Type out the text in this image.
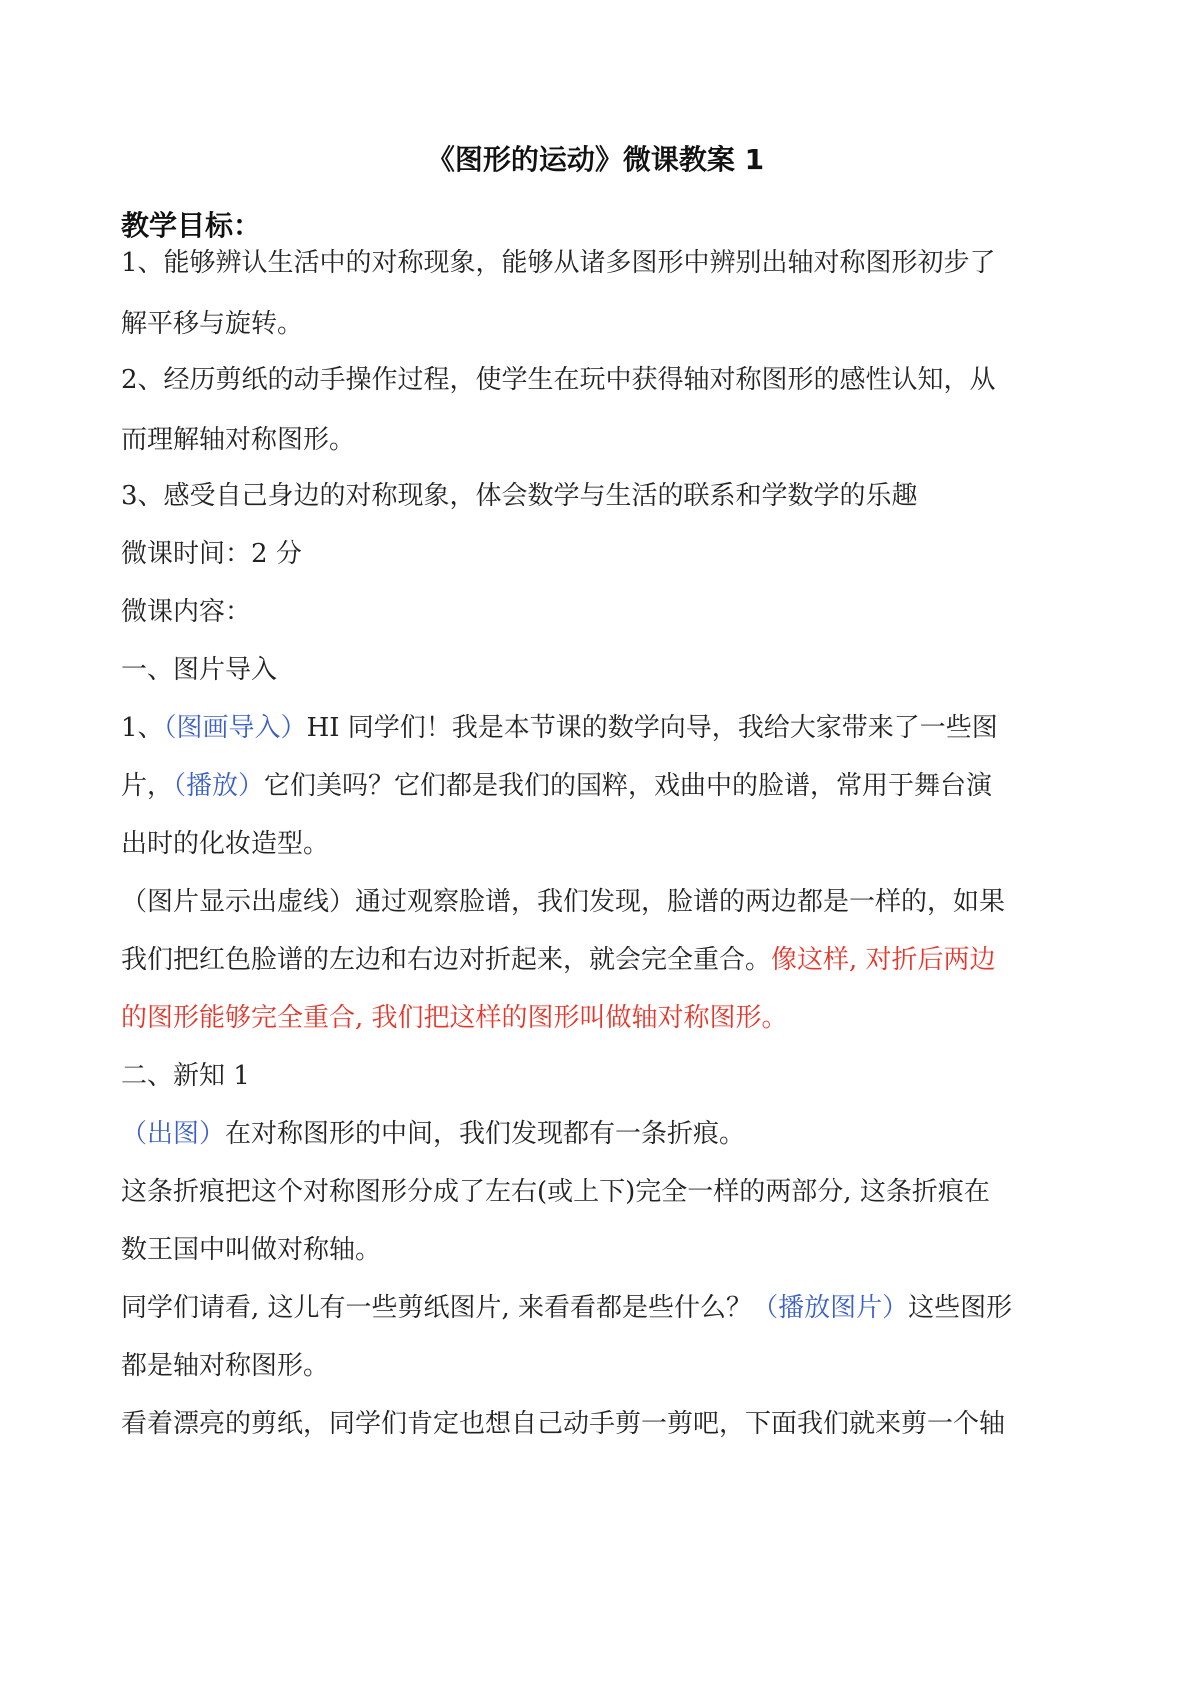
《图形的运动》微课教案 1
教学目标：
1、能够辨认生活中的对称现象，能够从诸多图形中辨别出轴对称图形初步了
解平移与旋转。
2、经历剪纸的动手操作过程，使学生在玩中获得轴对称图形的感性认知，从
而理解轴对称图形。
3、感受自己身边的对称现象，体会数学与生活的联系和学数学的乐趣
微课时间：2 分
微课内容：
一、图片导入
1、（图画导入）HI 同学们！我是本节课的数学向导，我给大家带来了一些图
片，（播放）它们美吗？它们都是我们的国粹，戏曲中的脸谱，常用于舞台演
出时的化妆造型。
（图片显示出虚线）通过观察脸谱，我们发现，脸谱的两边都是一样的，如果
我们把红色脸谱的左边和右边对折起来，就会完全重合。像这样, 对折后两边
的图形能够完全重合, 我们把这样的图形叫做轴对称图形。
二、新知 1
（出图）在对称图形的中间，我们发现都有一条折痕。
这条折痕把这个对称图形分成了左右(或上下)完全一样的两部分, 这条折痕在
数王国中叫做对称轴。
同学们请看, 这儿有一些剪纸图片, 来看看都是些什么？（播放图片）这些图形
都是轴对称图形。
看着漂亮的剪纸，同学们肯定也想自己动手剪一剪吧，下面我们就来剪一个轴
